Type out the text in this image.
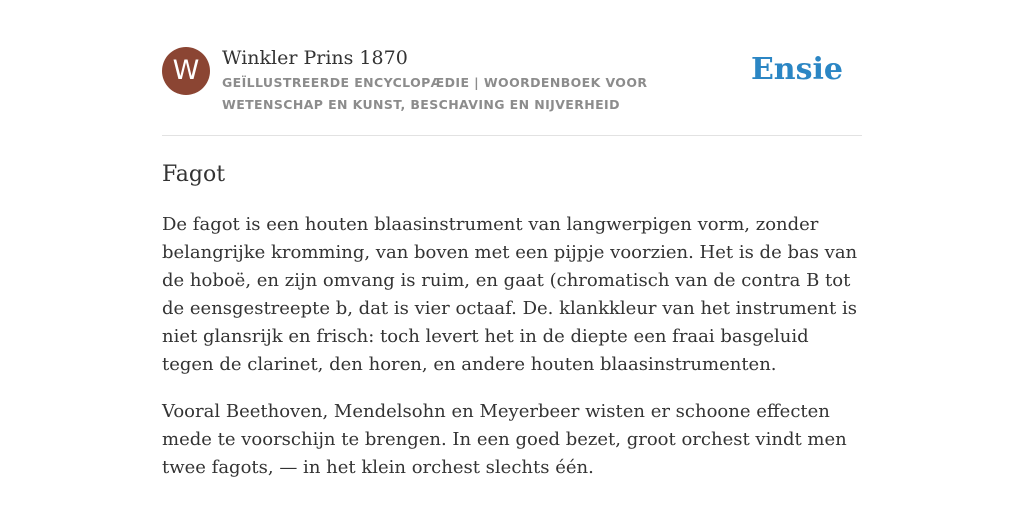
W	Winkler Prins 1870
GEÏLLUSTREERDE ENCYCLOPÆDIE | WOORDENBOEK VOOR WETENSCHAP EN KUNST, BESCHAVING EN NIJVERHEID
Ensie
Fagot

De fagot is een houten blaasinstrument van langwerpigen vorm, zonder belangrijke kromming, van boven met een pijpje voorzien. Het is de bas van de hoboë, en zijn omvang is ruim, en gaat (chromatisch van de contra B tot de eensgestreepte b, dat is vier octaaf. De. klankkleur van het instrument is niet glansrijk en frisch: toch levert het in de diepte een fraai basgeluid tegen de clarinet, den horen, en andere houten blaasinstrumenten.

Vooral Beethoven, Mendelsohn en Meyerbeer wisten er schoone effecten mede te voorschijn te brengen. In een goed bezet, groot orchest vindt men twee fagots, — in het klein orchest slechts één.
